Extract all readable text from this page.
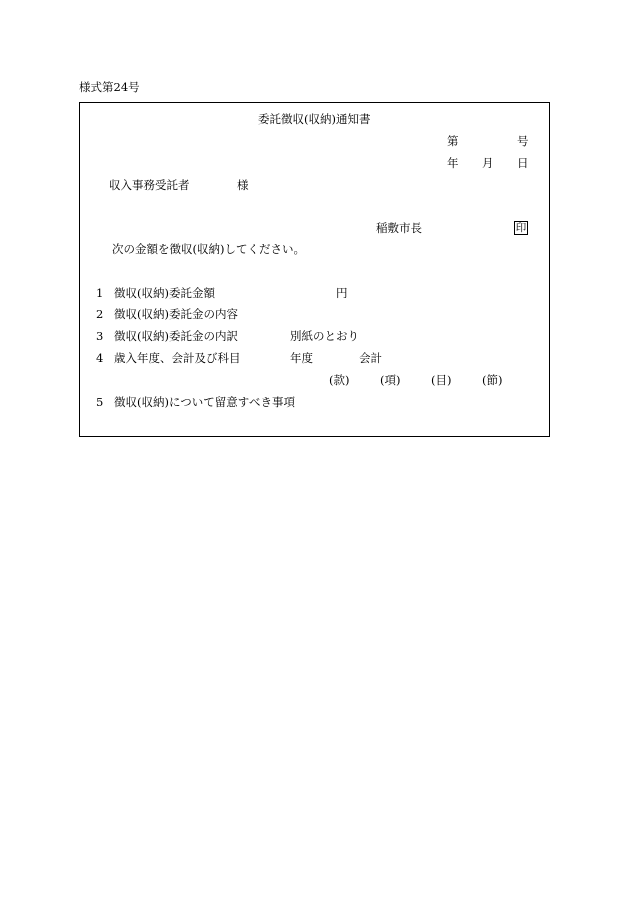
様式第24号
委託徴収(収納)通知書
第	号
年 月 日
収入事務受託者	様
稲敷市長	印
次の金額を徴収(収納)してください。
1 徴収(収納)委託金額	円
2 徴収(収納)委託金の内容
3 徴収(収納)委託金の内訳	別紙のとおり
4 歳入年度、会計及び科目	年度	会計
(款)	(項)	(目)	(節)
5 徴収(収納)について留意すべき事項
